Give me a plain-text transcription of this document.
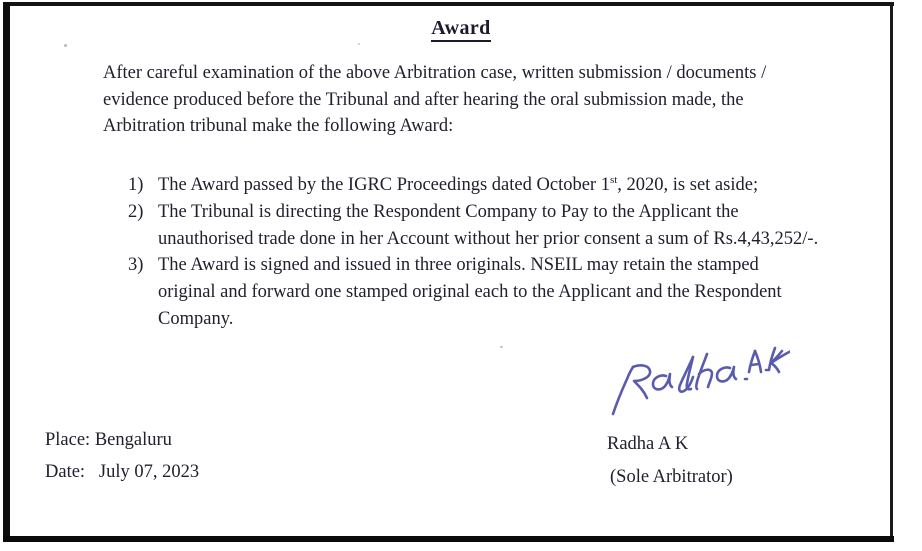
Award
After careful examination of the above Arbitration case, written submission / documents /
evidence produced before the Tribunal and after hearing the oral submission made, the
Arbitration tribunal make the following Award:
1) The Award passed by the IGRC Proceedings dated October 1st, 2020, is set aside;
2) The Tribunal is directing the Respondent Company to Pay to the Applicant the
unauthorised trade done in her Account without her prior consent a sum of Rs.4,43,252/-.
3) The Award is signed and issued in three originals. NSEIL may retain the stamped
original and forward one stamped original each to the Applicant and the Respondent
Company.
Place: Bengaluru
Date:   July 07, 2023
Radha A K
(Sole Arbitrator)
